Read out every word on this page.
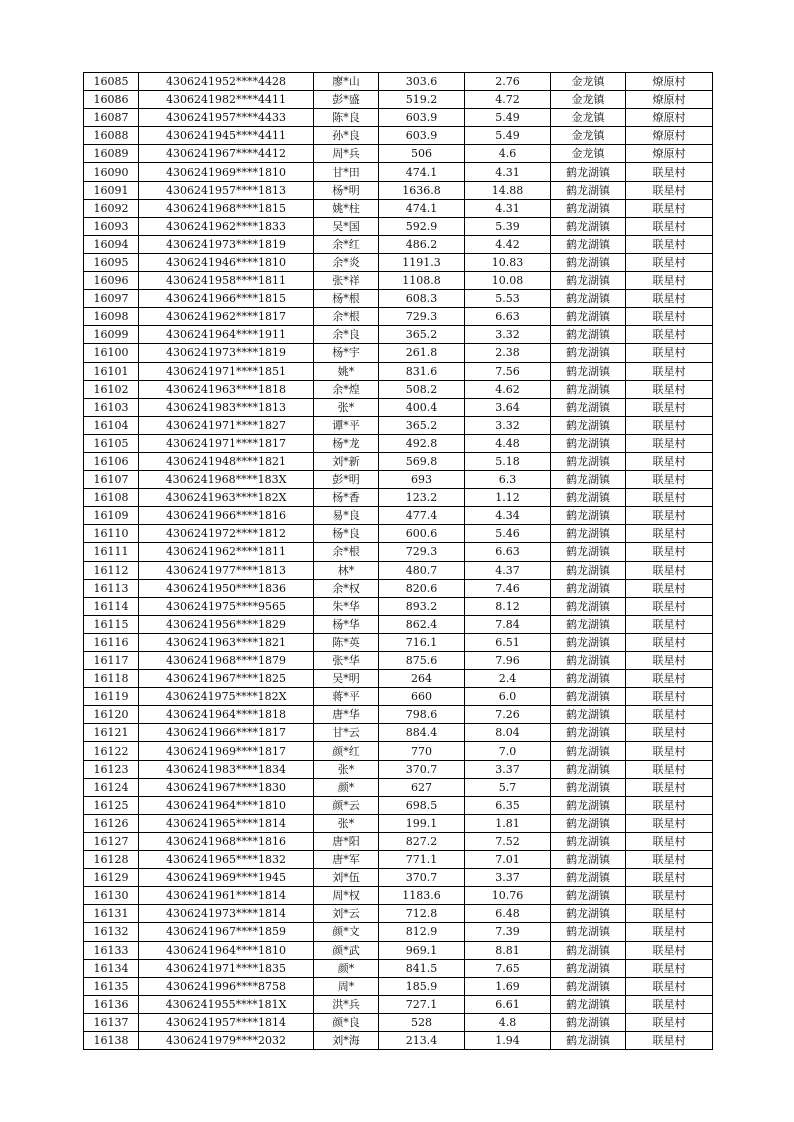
16085	4306241952****4428	廖*山	303.6	2.76	金龙镇	燎原村
16086	4306241982****4411	彭*盛	519.2	4.72	金龙镇	燎原村
16087	4306241957****4433	陈*良	603.9	5.49	金龙镇	燎原村
16088	4306241945****4411	孙*良	603.9	5.49	金龙镇	燎原村
16089	4306241967****4412	周*兵	506	4.6	金龙镇	燎原村
16090	4306241969****1810	甘*田	474.1	4.31	鹤龙湖镇	联星村
16091	4306241957****1813	杨*明	1636.8	14.88	鹤龙湖镇	联星村
16092	4306241968****1815	姚*柱	474.1	4.31	鹤龙湖镇	联星村
16093	4306241962****1833	吴*国	592.9	5.39	鹤龙湖镇	联星村
16094	4306241973****1819	余*红	486.2	4.42	鹤龙湖镇	联星村
16095	4306241946****1810	余*炎	1191.3	10.83	鹤龙湖镇	联星村
16096	4306241958****1811	张*祥	1108.8	10.08	鹤龙湖镇	联星村
16097	4306241966****1815	杨*根	608.3	5.53	鹤龙湖镇	联星村
16098	4306241962****1817	余*根	729.3	6.63	鹤龙湖镇	联星村
16099	4306241964****1911	余*良	365.2	3.32	鹤龙湖镇	联星村
16100	4306241973****1819	杨*宇	261.8	2.38	鹤龙湖镇	联星村
16101	4306241971****1851	姚*	831.6	7.56	鹤龙湖镇	联星村
16102	4306241963****1818	余*煌	508.2	4.62	鹤龙湖镇	联星村
16103	4306241983****1813	张*	400.4	3.64	鹤龙湖镇	联星村
16104	4306241971****1827	谭*平	365.2	3.32	鹤龙湖镇	联星村
16105	4306241971****1817	杨*龙	492.8	4.48	鹤龙湖镇	联星村
16106	4306241948****1821	刘*新	569.8	5.18	鹤龙湖镇	联星村
16107	4306241968****183X	彭*明	693	6.3	鹤龙湖镇	联星村
16108	4306241963****182X	杨*香	123.2	1.12	鹤龙湖镇	联星村
16109	4306241966****1816	易*良	477.4	4.34	鹤龙湖镇	联星村
16110	4306241972****1812	杨*良	600.6	5.46	鹤龙湖镇	联星村
16111	4306241962****1811	余*根	729.3	6.63	鹤龙湖镇	联星村
16112	4306241977****1813	林*	480.7	4.37	鹤龙湖镇	联星村
16113	4306241950****1836	余*权	820.6	7.46	鹤龙湖镇	联星村
16114	4306241975****9565	朱*华	893.2	8.12	鹤龙湖镇	联星村
16115	4306241956****1829	杨*华	862.4	7.84	鹤龙湖镇	联星村
16116	4306241963****1821	陈*英	716.1	6.51	鹤龙湖镇	联星村
16117	4306241968****1879	张*华	875.6	7.96	鹤龙湖镇	联星村
16118	4306241967****1825	吴*明	264	2.4	鹤龙湖镇	联星村
16119	4306241975****182X	蒋*平	660	6.0	鹤龙湖镇	联星村
16120	4306241964****1818	唐*华	798.6	7.26	鹤龙湖镇	联星村
16121	4306241966****1817	甘*云	884.4	8.04	鹤龙湖镇	联星村
16122	4306241969****1817	颜*红	770	7.0	鹤龙湖镇	联星村
16123	4306241983****1834	张*	370.7	3.37	鹤龙湖镇	联星村
16124	4306241967****1830	颜*	627	5.7	鹤龙湖镇	联星村
16125	4306241964****1810	颜*云	698.5	6.35	鹤龙湖镇	联星村
16126	4306241965****1814	张*	199.1	1.81	鹤龙湖镇	联星村
16127	4306241968****1816	唐*阳	827.2	7.52	鹤龙湖镇	联星村
16128	4306241965****1832	唐*军	771.1	7.01	鹤龙湖镇	联星村
16129	4306241969****1945	刘*伍	370.7	3.37	鹤龙湖镇	联星村
16130	4306241961****1814	周*权	1183.6	10.76	鹤龙湖镇	联星村
16131	4306241973****1814	刘*云	712.8	6.48	鹤龙湖镇	联星村
16132	4306241967****1859	颜*文	812.9	7.39	鹤龙湖镇	联星村
16133	4306241964****1810	颜*武	969.1	8.81	鹤龙湖镇	联星村
16134	4306241971****1835	颜*	841.5	7.65	鹤龙湖镇	联星村
16135	4306241996****8758	周*	185.9	1.69	鹤龙湖镇	联星村
16136	4306241955****181X	洪*兵	727.1	6.61	鹤龙湖镇	联星村
16137	4306241957****1814	颜*良	528	4.8	鹤龙湖镇	联星村
16138	4306241979****2032	刘*海	213.4	1.94	鹤龙湖镇	联星村
